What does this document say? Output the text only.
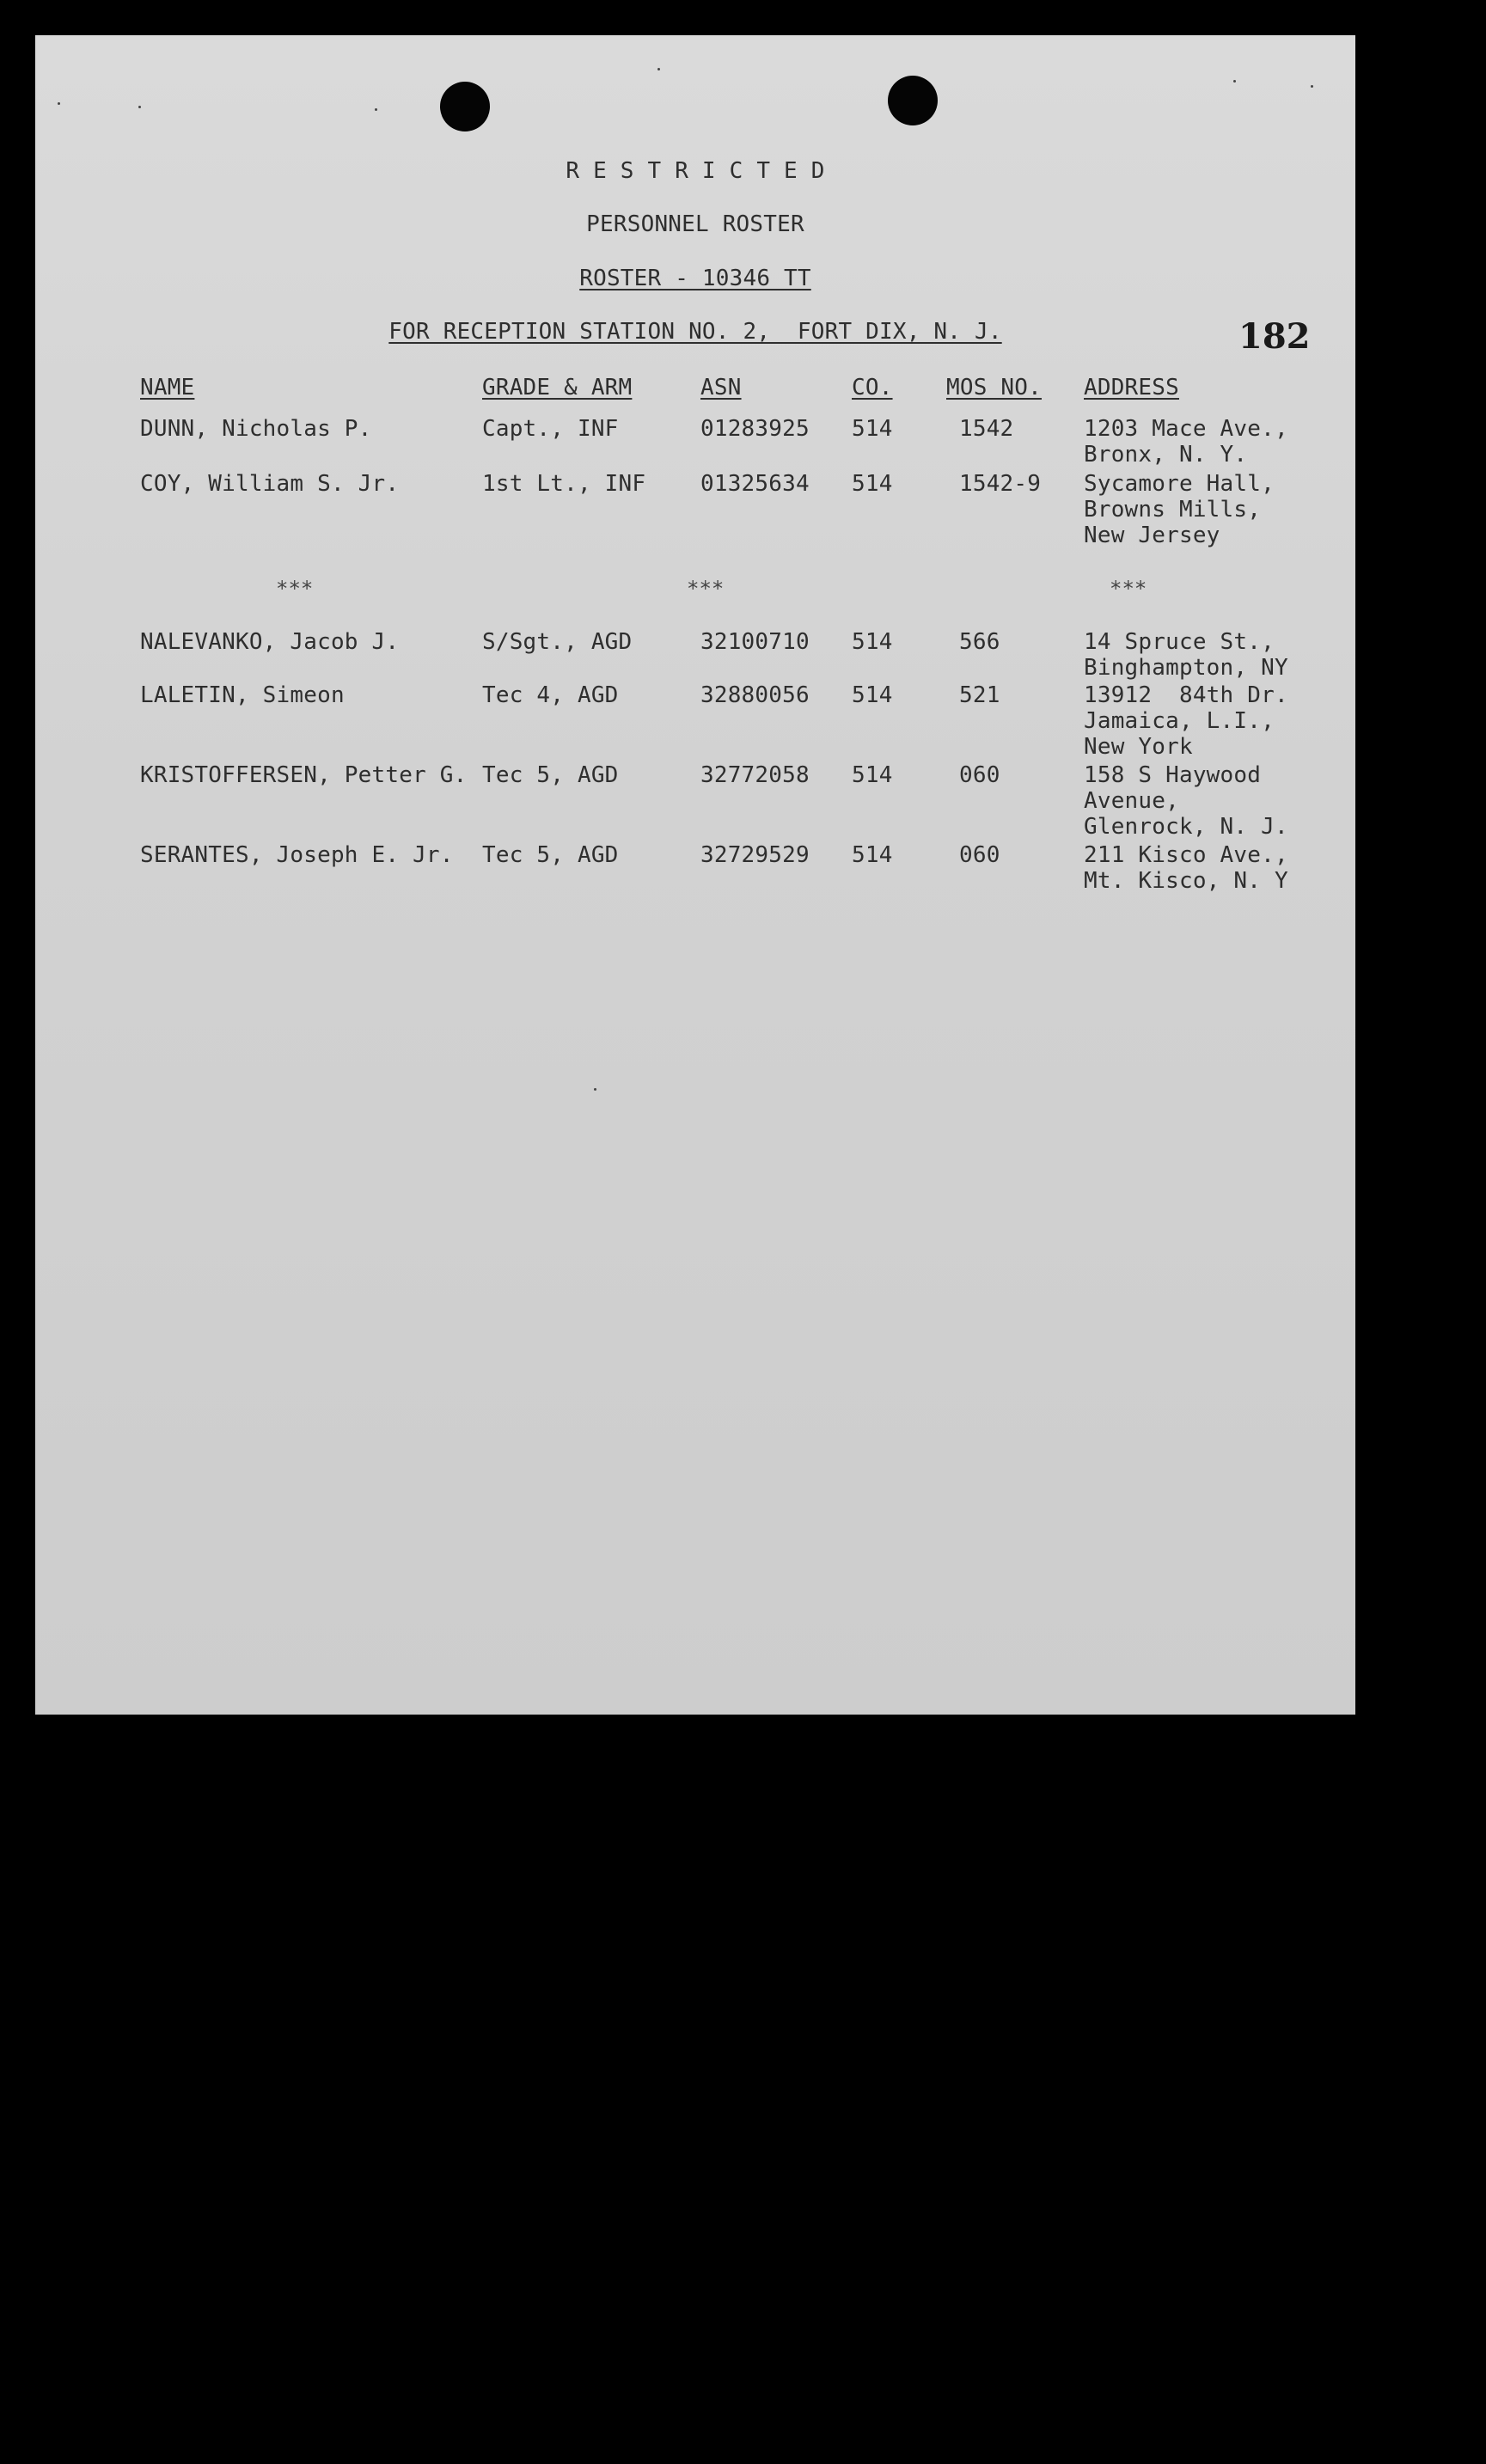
R E S T R I C T E D
PERSONNEL ROSTER
ROSTER - 10346 TT
FOR RECEPTION STATION NO. 2,  FORT DIX, N. J.	182
NAME	GRADE & ARM	ASN	CO. MOS NO. ADDRESS
DUNN, Nicholas P.	Capt., INF	01283925 514	1542	1203 Mace Ave.,
Bronx, N. Y.
COY, William S. Jr.	1st Lt., INF 01325634 514	1542-9 Sycamore Hall,
Browns Mills,
New Jersey
***	***	***
NALEVANKO, Jacob J.	S/Sgt., AGD	32100710 514	566	14 Spruce St.,
Binghampton, NY
LALETIN, Simeon	Tec 4, AGD	32880056 514	521	13912  84th Dr.
Jamaica, L.I.,
New York
KRISTOFFERSEN, Petter G. Tec 5, AGD	32772058 514	060	158 S Haywood
Avenue,
Glenrock, N. J.
SERANTES, Joseph E. Jr. Tec 5, AGD	32729529 514	060	211 Kisco Ave.,
Mt. Kisco, N. Y
